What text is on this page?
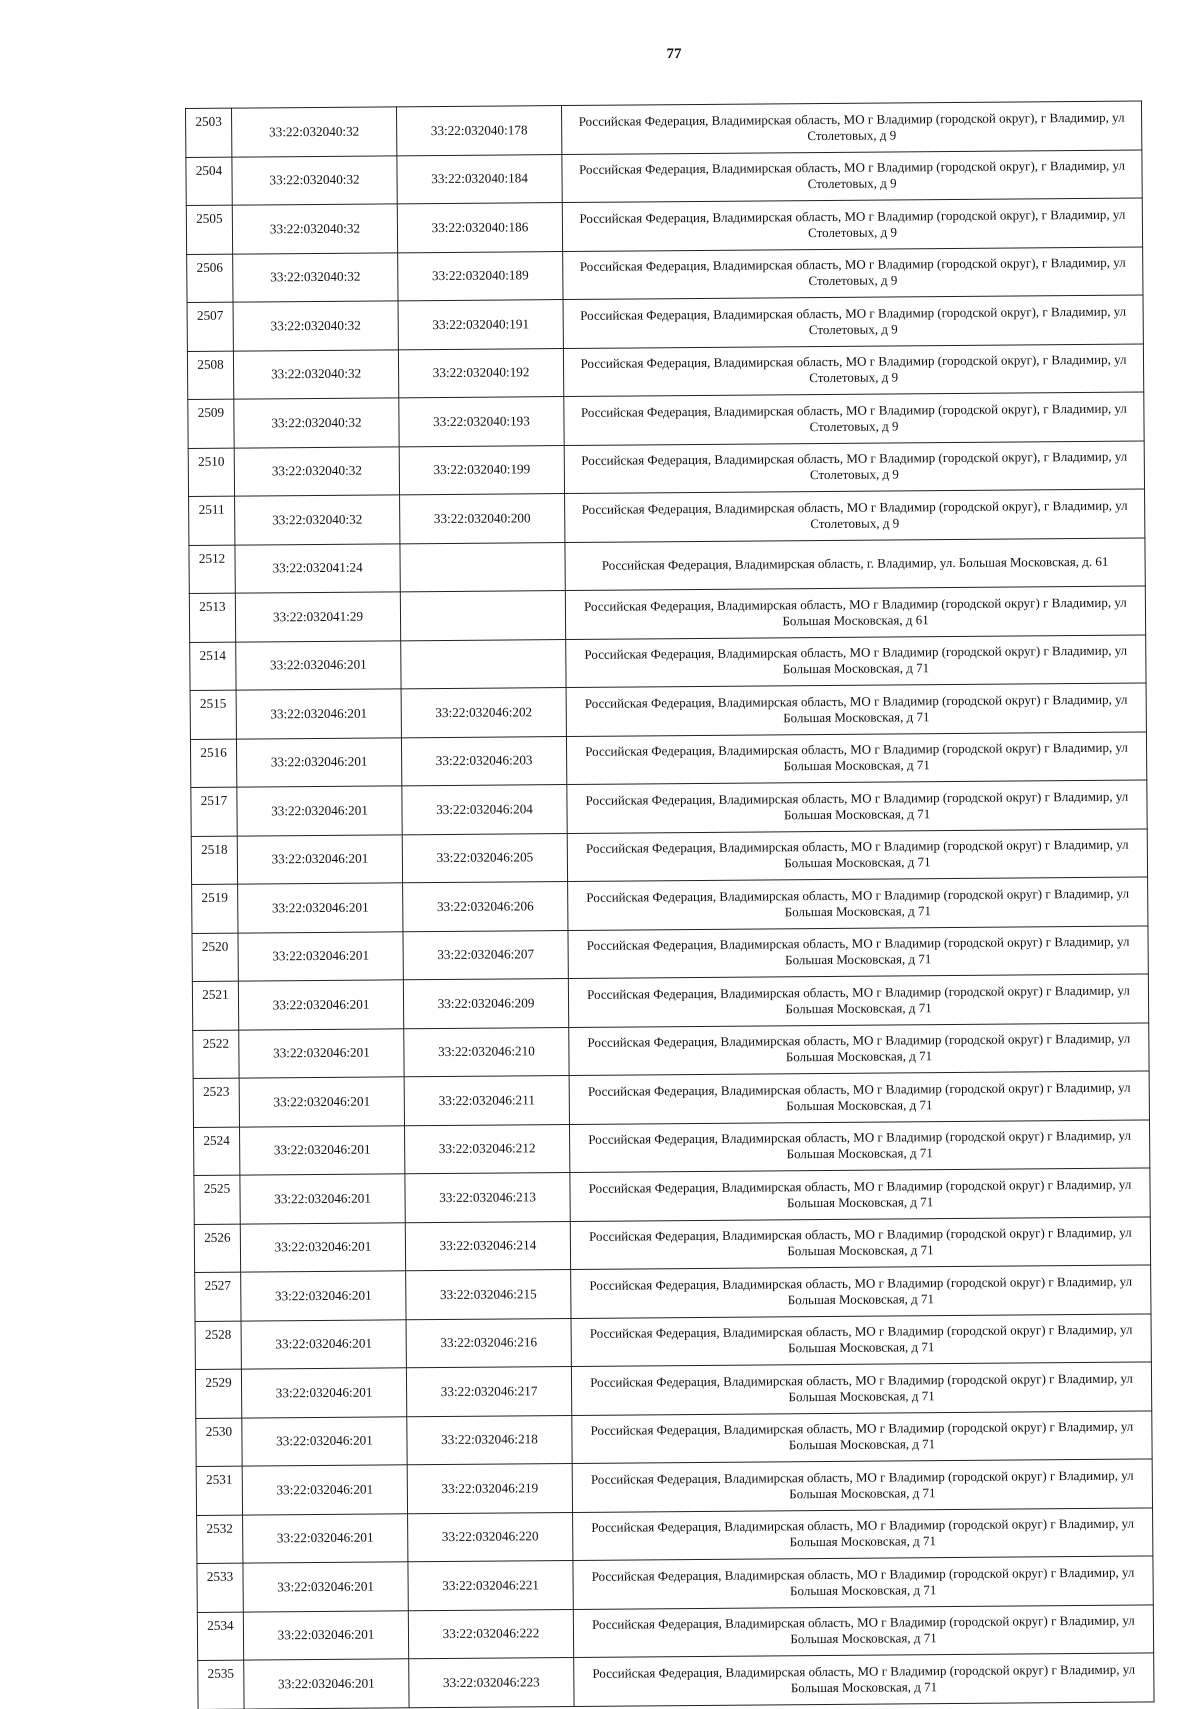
77
2503	33:22:032040:32	33:22:032040:178	Российская Федерация, Владимирская область, МО г Владимир (городской округ), г Владимир, ул Столетовых, д 9
2504	33:22:032040:32	33:22:032040:184	Российская Федерация, Владимирская область, МО г Владимир (городской округ), г Владимир, ул Столетовых, д 9
2505	33:22:032040:32	33:22:032040:186	Российская Федерация, Владимирская область, МО г Владимир (городской округ), г Владимир, ул Столетовых, д 9
2506	33:22:032040:32	33:22:032040:189	Российская Федерация, Владимирская область, МО г Владимир (городской округ), г Владимир, ул Столетовых, д 9
2507	33:22:032040:32	33:22:032040:191	Российская Федерация, Владимирская область, МО г Владимир (городской округ), г Владимир, ул Столетовых, д 9
2508	33:22:032040:32	33:22:032040:192	Российская Федерация, Владимирская область, МО г Владимир (городской округ), г Владимир, ул Столетовых, д 9
2509	33:22:032040:32	33:22:032040:193	Российская Федерация, Владимирская область, МО г Владимир (городской округ), г Владимир, ул Столетовых, д 9
2510	33:22:032040:32	33:22:032040:199	Российская Федерация, Владимирская область, МО г Владимир (городской округ), г Владимир, ул Столетовых, д 9
2511	33:22:032040:32	33:22:032040:200	Российская Федерация, Владимирская область, МО г Владимир (городской округ), г Владимир, ул Столетовых, д 9
2512	33:22:032041:24		Российская Федерация, Владимирская область, г. Владимир, ул. Большая Московская, д. 61
2513	33:22:032041:29		Российская Федерация, Владимирская область, МО г Владимир (городской округ) г Владимир, ул Большая Московская, д 61
2514	33:22:032046:201		Российская Федерация, Владимирская область, МО г Владимир (городской округ) г Владимир, ул Большая Московская, д 71
2515	33:22:032046:201	33:22:032046:202	Российская Федерация, Владимирская область, МО г Владимир (городской округ) г Владимир, ул Большая Московская, д 71
2516	33:22:032046:201	33:22:032046:203	Российская Федерация, Владимирская область, МО г Владимир (городской округ) г Владимир, ул Большая Московская, д 71
2517	33:22:032046:201	33:22:032046:204	Российская Федерация, Владимирская область, МО г Владимир (городской округ) г Владимир, ул Большая Московская, д 71
2518	33:22:032046:201	33:22:032046:205	Российская Федерация, Владимирская область, МО г Владимир (городской округ) г Владимир, ул Большая Московская, д 71
2519	33:22:032046:201	33:22:032046:206	Российская Федерация, Владимирская область, МО г Владимир (городской округ) г Владимир, ул Большая Московская, д 71
2520	33:22:032046:201	33:22:032046:207	Российская Федерация, Владимирская область, МО г Владимир (городской округ) г Владимир, ул Большая Московская, д 71
2521	33:22:032046:201	33:22:032046:209	Российская Федерация, Владимирская область, МО г Владимир (городской округ) г Владимир, ул Большая Московская, д 71
2522	33:22:032046:201	33:22:032046:210	Российская Федерация, Владимирская область, МО г Владимир (городской округ) г Владимир, ул Большая Московская, д 71
2523	33:22:032046:201	33:22:032046:211	Российская Федерация, Владимирская область, МО г Владимир (городской округ) г Владимир, ул Большая Московская, д 71
2524	33:22:032046:201	33:22:032046:212	Российская Федерация, Владимирская область, МО г Владимир (городской округ) г Владимир, ул Большая Московская, д 71
2525	33:22:032046:201	33:22:032046:213	Российская Федерация, Владимирская область, МО г Владимир (городской округ) г Владимир, ул Большая Московская, д 71
2526	33:22:032046:201	33:22:032046:214	Российская Федерация, Владимирская область, МО г Владимир (городской округ) г Владимир, ул Большая Московская, д 71
2527	33:22:032046:201	33:22:032046:215	Российская Федерация, Владимирская область, МО г Владимир (городской округ) г Владимир, ул Большая Московская, д 71
2528	33:22:032046:201	33:22:032046:216	Российская Федерация, Владимирская область, МО г Владимир (городской округ) г Владимир, ул Большая Московская, д 71
2529	33:22:032046:201	33:22:032046:217	Российская Федерация, Владимирская область, МО г Владимир (городской округ) г Владимир, ул Большая Московская, д 71
2530	33:22:032046:201	33:22:032046:218	Российская Федерация, Владимирская область, МО г Владимир (городской округ) г Владимир, ул Большая Московская, д 71
2531	33:22:032046:201	33:22:032046:219	Российская Федерация, Владимирская область, МО г Владимир (городской округ) г Владимир, ул Большая Московская, д 71
2532	33:22:032046:201	33:22:032046:220	Российская Федерация, Владимирская область, МО г Владимир (городской округ) г Владимир, ул Большая Московская, д 71
2533	33:22:032046:201	33:22:032046:221	Российская Федерация, Владимирская область, МО г Владимир (городской округ) г Владимир, ул Большая Московская, д 71
2534	33:22:032046:201	33:22:032046:222	Российская Федерация, Владимирская область, МО г Владимир (городской округ) г Владимир, ул Большая Московская, д 71
2535	33:22:032046:201	33:22:032046:223	Российская Федерация, Владимирская область, МО г Владимир (городской округ) г Владимир, ул Большая Московская, д 71
